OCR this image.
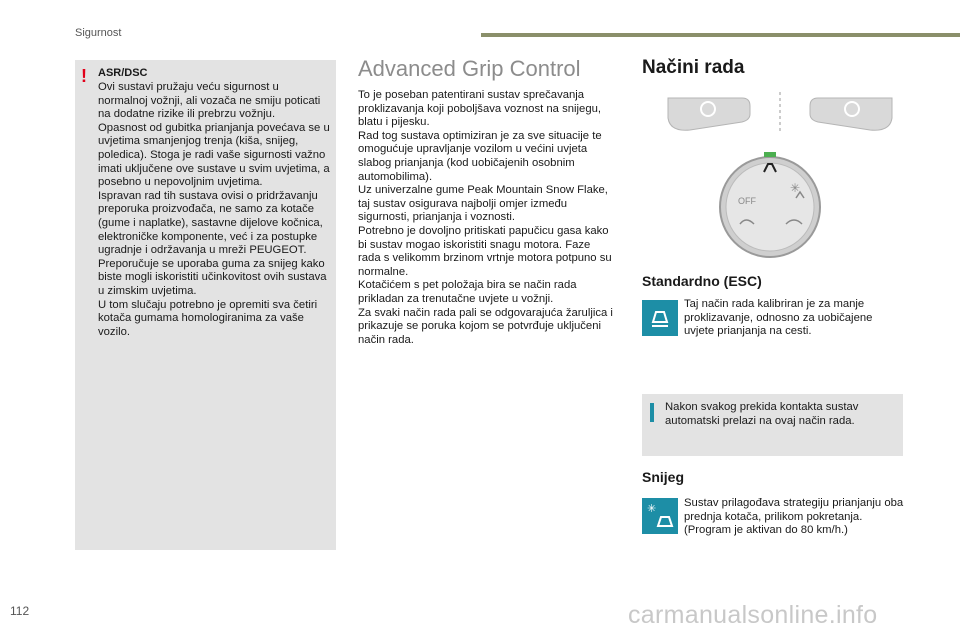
Sigurnost
! ASR/DSC
Ovi sustavi pružaju veću sigurnost u normalnoj vožnji, ali vozača ne smiju poticati na dodatne rizike ili prebrzu vožnju.
Opasnost od gubitka prianjanja povećava se u uvjetima smanjenjog trenja (kiša, snijeg, poledica). Stoga je radi vaše sigurnosti važno imati uključene ove sustave u svim uvjetima, a posebno u nepovoljnim uvjetima.
Ispravan rad tih sustava ovisi o pridržavanju preporuka proizvođača, ne samo za kotače (gume i naplatke), sastavne dijelove kočnica, elektroničke komponente, već i za postupke ugradnje i održavanja u mreži PEUGEOT.
Preporučuje se uporaba guma za snijeg kako biste mogli iskoristiti učinkovitost ovih sustava u zimskim uvjetima.
U tom slučaju potrebno je opremiti sva četiri kotača gumama homologiranima za vaše vozilo.
Advanced Grip Control
To je poseban patentirani sustav sprečavanja proklizavanja koji poboljšava voznost na snijegu, blatu i pijesku.
Rad tog sustava optimiziran je za sve situacije te omogućuje upravljanje vozilom u većini uvjeta slabog prianjanja (kod uobičajenih osobnim automobilima).
Uz univerzalne gume Peak Mountain Snow Flake, taj sustav osigurava najbolji omjer između sigurnosti, prianjanja i voznosti.
Potrebno je dovoljno pritiskati papučicu gasa kako bi sustav mogao iskoristiti snagu motora. Faze rada s velikomm brzinom vrtnje motora potpuno su normalne.
Kotačićem s pet položaja bira se način rada prikladan za trenutačne uvjete u vožnji.
Za svaki način rada pali se odgovarajuća žaruljica i prikazuje se poruka kojom se potvrđuje uključeni način rada.
Načini rada
OFF
✳
Standardno (ESC)
Taj način rada kalibriran je za manje proklizavanje, odnosno za uobičajene uvjete prianjanja na cesti.
Nakon svakog prekida kontakta sustav automatski prelazi na ovaj način rada.
Snijeg
✳ Sustav prilagođava strategiju prianjanju oba prednja kotača, prilikom pokretanja.
(Program je aktivan do 80 km/h.)
112	carmanualsonline.info
